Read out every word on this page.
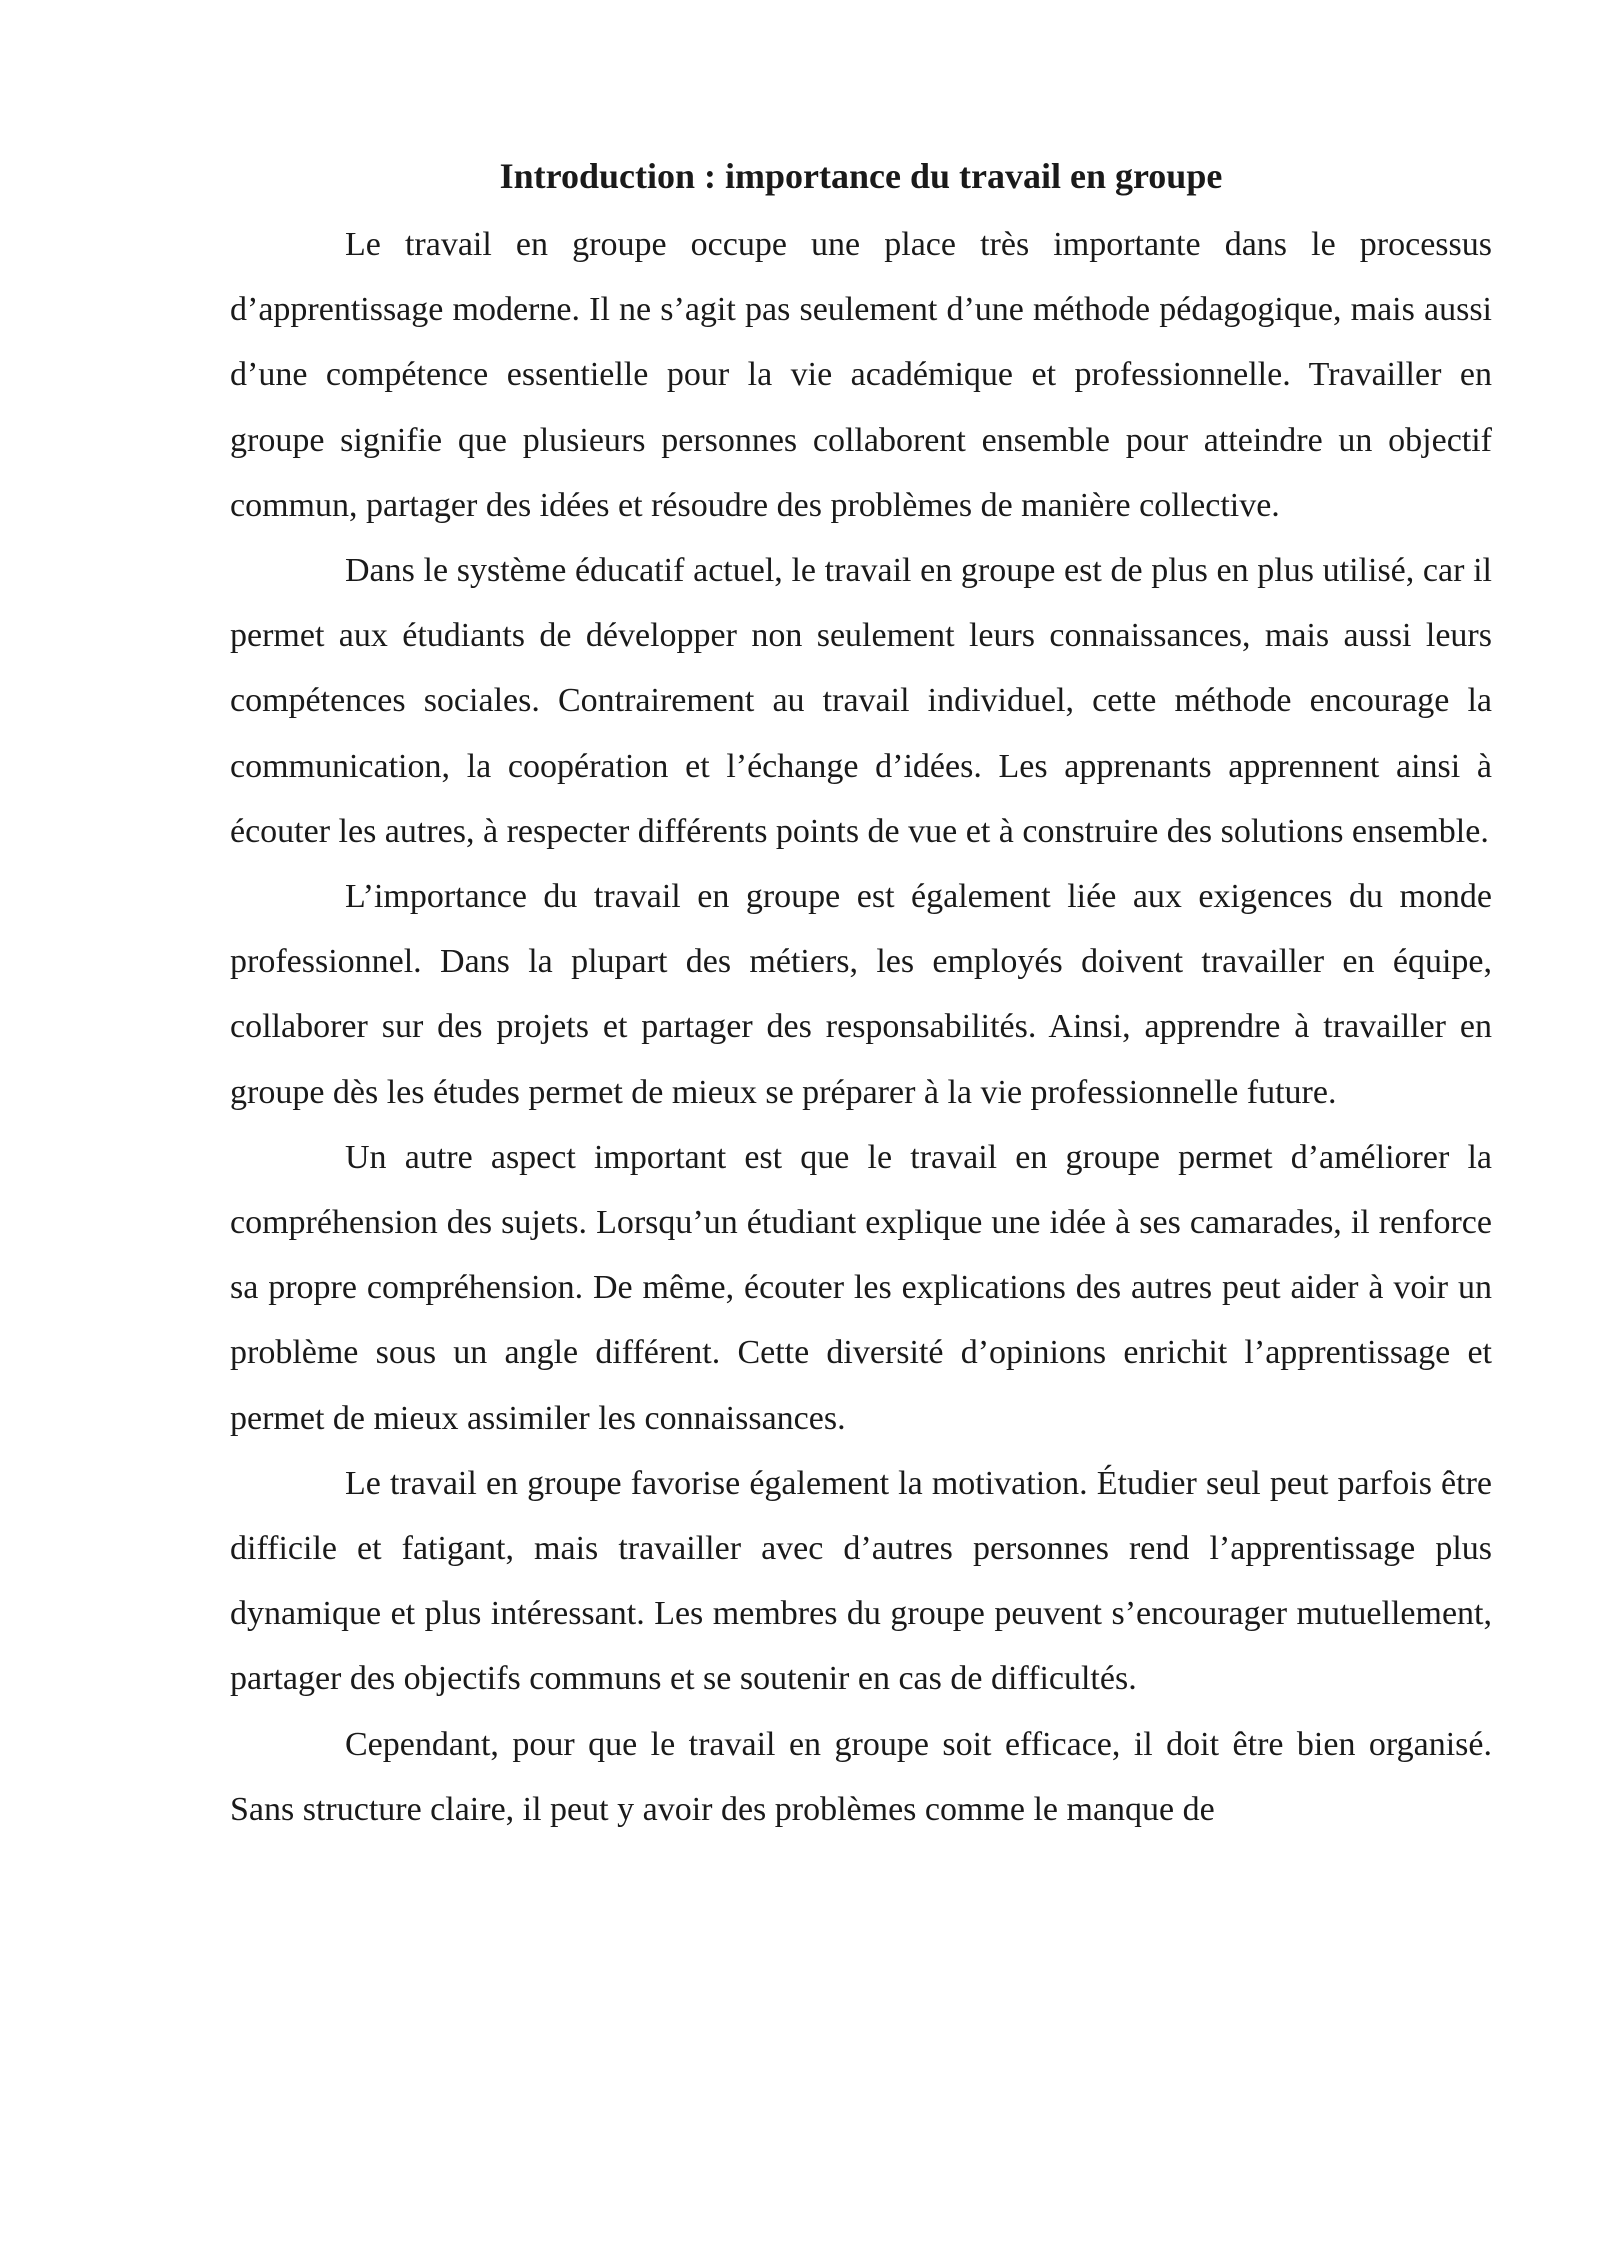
Introduction : importance du travail en groupe

Le travail en groupe occupe une place très importante dans le processus d’apprentissage moderne. Il ne s’agit pas seulement d’une méthode pédagogique, mais aussi d’une compétence essentielle pour la vie académique et professionnelle. Travailler en groupe signifie que plusieurs personnes collaborent ensemble pour atteindre un objectif commun, partager des idées et résoudre des problèmes de manière collective.

Dans le système éducatif actuel, le travail en groupe est de plus en plus utilisé, car il permet aux étudiants de développer non seulement leurs connaissances, mais aussi leurs compétences sociales. Contrairement au travail individuel, cette méthode encourage la communication, la coopération et l’échange d’idées. Les apprenants apprennent ainsi à écouter les autres, à respecter différents points de vue et à construire des solutions ensemble.

L’importance du travail en groupe est également liée aux exigences du monde professionnel. Dans la plupart des métiers, les employés doivent travailler en équipe, collaborer sur des projets et partager des responsabilités. Ainsi, apprendre à travailler en groupe dès les études permet de mieux se préparer à la vie professionnelle future.

Un autre aspect important est que le travail en groupe permet d’améliorer la compréhension des sujets. Lorsqu’un étudiant explique une idée à ses camarades, il renforce sa propre compréhension. De même, écouter les explications des autres peut aider à voir un problème sous un angle différent. Cette diversité d’opinions enrichit l’apprentissage et permet de mieux assimiler les connaissances.

Le travail en groupe favorise également la motivation. Étudier seul peut parfois être difficile et fatigant, mais travailler avec d’autres personnes rend l’apprentissage plus dynamique et plus intéressant. Les membres du groupe peuvent s’encourager mutuellement, partager des objectifs communs et se soutenir en cas de difficultés.

Cependant, pour que le travail en groupe soit efficace, il doit être bien organisé. Sans structure claire, il peut y avoir des problèmes comme le manque de
